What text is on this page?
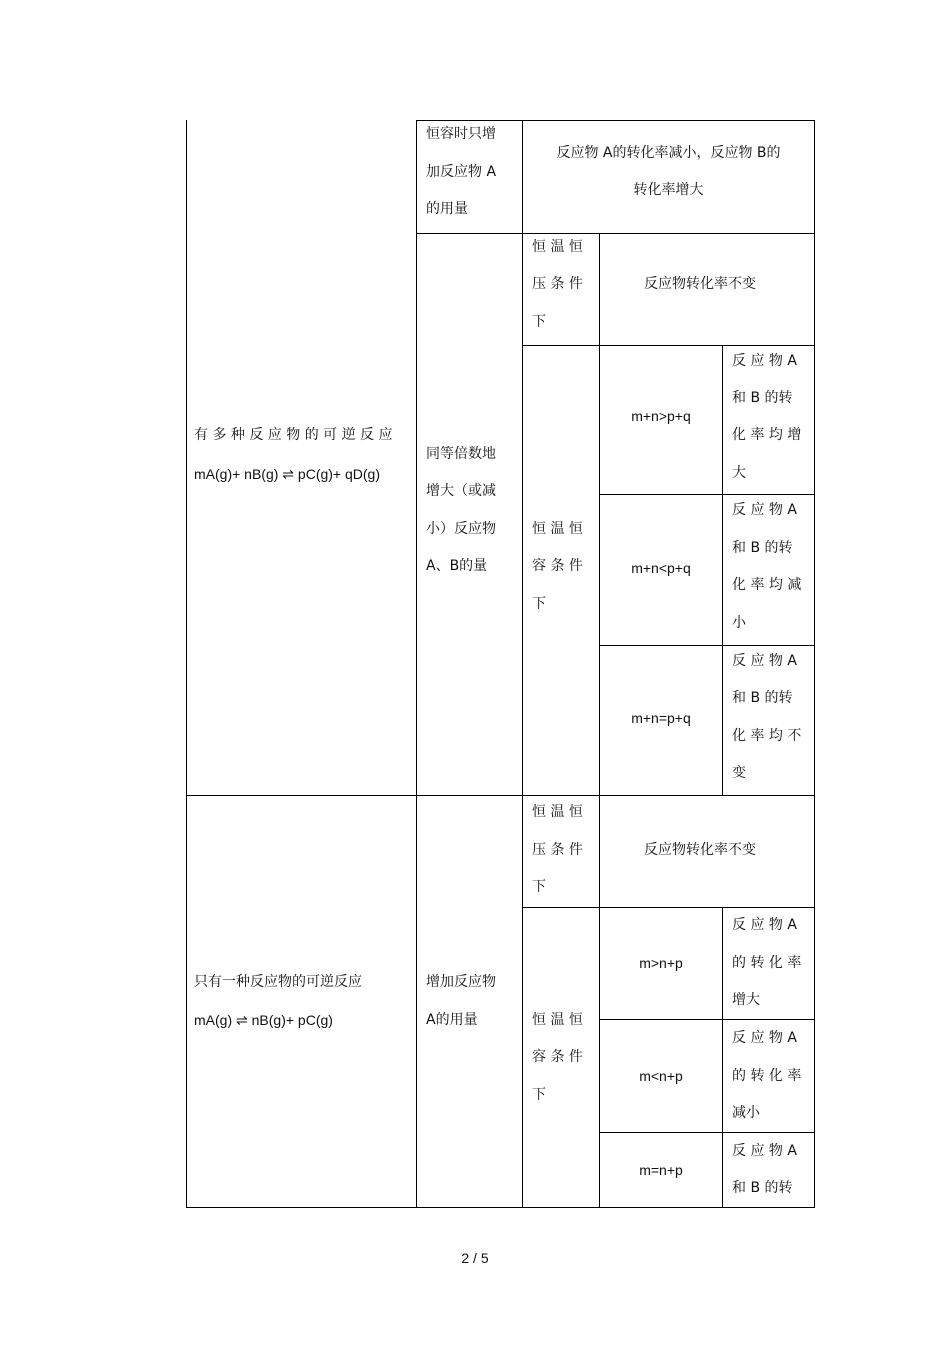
恒容时只增
加反应物 A
的用量
反应物 A的转化率减小，反应物 B的
转化率增大
有 多 种 反 应 物 的 可 逆 反 应
mA(g)+ nB(g) ⇌ pC(g)+ qD(g)
同等倍数地
增大（或减
小）反应物
A、B的量
恒 温 恒
压 条 件
下
反应物转化率不变
恒 温 恒
容 条 件
下
m+n>p+q
反 应 物 A
和 B 的转
化 率 均 增
大
m+n<p+q
反 应 物 A
和 B 的转
化 率 均 减
小
m+n=p+q
反 应 物 A
和 B 的转
化 率 均 不
变
只有一种反应物的可逆反应
mA(g) ⇌ nB(g)+ pC(g)
增加反应物
A的用量
恒 温 恒
压 条 件
下
反应物转化率不变
恒 温 恒
容 条 件
下
m>n+p
反 应 物 A
的 转 化 率
增大
m<n+p
反 应 物 A
的 转 化 率
减小
m=n+p
反 应 物 A
和 B 的转
2 / 5
